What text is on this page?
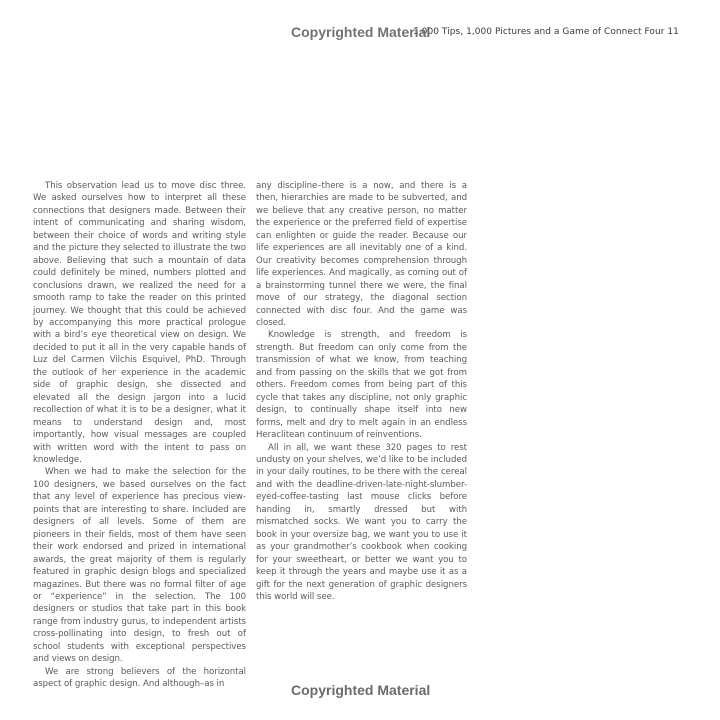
1,000 Tips, 1,000 Pictures and a Game of Connect Four 11
Copyrighted Material

This observation lead us to move disc three. We asked ourselves how to interpret all these connections that designers made. Between their intent of communicating and sharing wisdom, between their choice of words and writing style and the picture they selected to illustrate the two above. Believing that such a mountain of data could definitely be mined, numbers plotted and conclusions drawn, we realized the need for a smooth ramp to take the reader on this printed journey. We thought that this could be achieved by accompanying this more practical prologue with a bird’s eye theoretical view on design. We decided to put it all in the very capable hands of Luz del Carmen Vilchis Esquivel, PhD. Through the outlook of her experience in the academic side of graphic design, she dissected and elevated all the design jargon into a lucid recollection of what it is to be a designer, what it means to understand design and, most importantly, how visual messages are coupled with written word with the intent to pass on knowledge.

When we had to make the selection for the 100 designers, we based ourselves on the fact that any level of experience has precious viewpoints that are interesting to share. Included are designers of all levels. Some of them are pioneers in their fields, most of them have seen their work endorsed and prized in international awards, the great majority of them is regularly featured in graphic design blogs and specialized magazines. But there was no formal filter of age or “experience” in the selection. The 100 designers or studios that take part in this book range from industry gurus, to independent artists cross-pollinating into design, to fresh out of school students with exceptional perspectives and views on design.

We are strong believers of the horizontal aspect of graphic design. And although–as in

any discipline–there is a now, and there is a then, hierarchies are made to be subverted, and we believe that any creative person, no matter the experience or the preferred field of expertise can enlighten or guide the reader. Because our life experiences are all inevitably one of a kind. Our creativity becomes comprehension through life experiences. And magically, as coming out of a brainstorming tunnel there we were, the final move of our strategy, the diagonal section connected with disc four. And the game was closed.

Knowledge is strength, and freedom is strength. But freedom can only come from the transmission of what we know, from teaching and from passing on the skills that we got from others. Freedom comes from being part of this cycle that takes any discipline, not only graphic design, to continually shape itself into new forms, melt and dry to melt again in an endless Heraclitean continuum of reinventions.

All in all, we want these 320 pages to rest undusty on your shelves, we’d like to be included in your daily routines, to be there with the cereal and with the deadline-driven-late-night-slumber-eyed-coffee-tasting last mouse clicks before handing in, smartly dressed but with mismatched socks. We want you to carry the book in your oversize bag, we want you to use it as your grandmother’s cookbook when cooking for your sweetheart, or better we want you to keep it through the years and maybe use it as a gift for the next generation of graphic designers this world will see.

Copyrighted Material
